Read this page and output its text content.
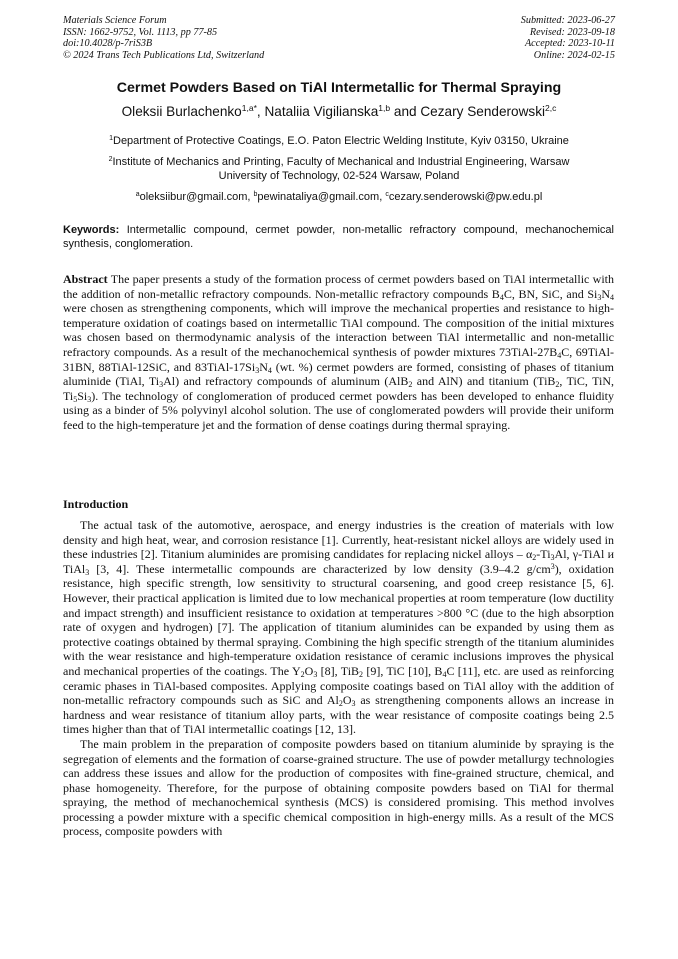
Materials Science Forum
ISSN: 1662-9752, Vol. 1113, pp 77-85
doi:10.4028/p-7riS3B
© 2024 Trans Tech Publications Ltd, Switzerland
Submitted: 2023-06-27
Revised: 2023-09-18
Accepted: 2023-10-11
Online: 2024-02-15
Cermet Powders Based on TiAl Intermetallic for Thermal Spraying
Oleksii Burlachenko$^{1,a*}$, Nataliia Vigilianska$^{1,b}$ and Cezary Senderowski$^{2,c}$
$^1$Department of Protective Coatings, E.O. Paton Electric Welding Institute, Kyiv 03150, Ukraine
$^2$Institute of Mechanics and Printing, Faculty of Mechanical and Industrial Engineering, Warsaw
University of Technology, 02-524 Warsaw, Poland
$^a$oleksiibur@gmail.com, $^b$pewinataliya@gmail.com, $^c$cezary.senderowski@pw.edu.pl
Keywords: Intermetallic compound, cermet powder, non-metallic refractory compound, mechanochemical synthesis, conglomeration.
Abstract The paper presents a study of the formation process of cermet powders based on TiAl intermetallic with the addition of non-metallic refractory compounds. Non-metallic refractory compounds $B_4C$, BN, SiC, and $Si_3N_4$ were chosen as strengthening components, which will improve the mechanical properties and resistance to high-temperature oxidation of coatings based on intermetallic TiAl compound. The composition of the initial mixtures was chosen based on thermodynamic analysis of the interaction between TiAl intermetallic and non-metallic refractory compounds. As a result of the mechanochemical synthesis of powder mixtures $73TiAl-27B_4C$, 69TiAl-31BN, 88TiAl-12SiC, and $83TiAl-17Si_3N_4$ (wt. %) cermet powders are formed, consisting of phases of titanium aluminide (TiAl, $Ti_3Al$) and refractory compounds of aluminum (AlB$_2$ and AlN) and titanium (TiB$_2$, TiC, TiN, $Ti_5Si_3$). The technology of conglomeration of produced cermet powders has been developed to enhance fluidity using as a binder of 5% polyvinyl alcohol solution. The use of conglomerated powders will provide their uniform feed to the high-temperature jet and the formation of dense coatings during thermal spraying.
Introduction

The actual task of the automotive, aerospace, and energy industries is the creation of materials with low density and high heat, wear, and corrosion resistance [1]. Currently, heat-resistant nickel alloys are widely used in these industries [2]. Titanium aluminides are promising candidates for replacing nickel alloys – $\alpha_2-Ti_3Al$, γ-TiAl и TiAl$_3$ [3, 4]. These intermetallic compounds are characterized by low density (3.9–4.2 $g/cm^3$), oxidation resistance, high specific strength, low sensitivity to structural coarsening, and good creep resistance [5, 6]. However, their practical application is limited due to low mechanical properties at room temperature (low ductility and impact strength) and insufficient resistance to oxidation at temperatures >800 °C (due to the high absorption rate of oxygen and hydrogen) [7]. The application of titanium aluminides can be expanded by using them as protective coatings obtained by thermal spraying. Combining the high specific strength of the titanium aluminides with the wear resistance and high-temperature oxidation resistance of ceramic inclusions improves the physical and mechanical properties of the coatings. The $Y_2O_3$ [8], TiB$_2$ [9], TiC [10], $B_4C$ [11], etc. are used as reinforcing ceramic phases in TiAl-based composites. Applying composite coatings based on TiAl alloy with the addition of non-metallic refractory compounds such as SiC and $Al_2O_3$ as strengthening components allows an increase in hardness and wear resistance of titanium alloy parts, with the wear resistance of composite coatings being 2.5 times higher than that of TiAl intermetallic coatings [12, 13].

The main problem in the preparation of composite powders based on titanium aluminide by spraying is the segregation of elements and the formation of coarse-grained structure. The use of powder metallurgy technologies can address these issues and allow for the production of composites with fine-grained structure, chemical, and phase homogeneity. Therefore, for the purpose of obtaining composite powders based on TiAl for thermal spraying, the method of mechanochemical synthesis (MCS) is considered promising. This method involves processing a powder mixture with a specific chemical composition in high-energy mills. As a result of the MCS process, composite powders with
